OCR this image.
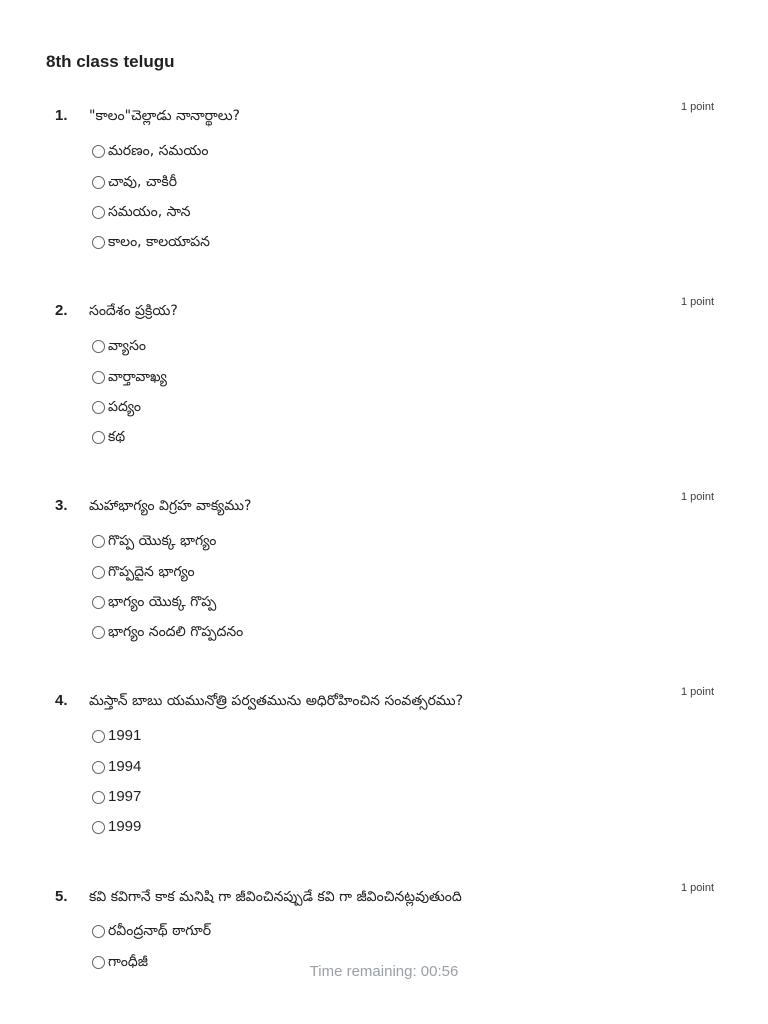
8th class telugu
1. "కాలం"చెల్లాడు నానార్థాలు?
1 point
మరణం, సమయం
చావు, చాకిరీ
సమయం, సాన
కాలం, కాలయాపన
2. సందేశం ప్రక్రియ?
1 point
వ్యాసం
వార్తావాఖ్య
పద్యం
కథ
3. మహాభాగ్యం విగ్రహ వాక్యము?
1 point
గొప్ప యొక్క భాగ్యం
గొప్పదైన భాగ్యం
భాగ్యం యొక్క గొప్ప
భాగ్యం నందలి గొప్పదనం
4. మస్తాన్ బాబు యమునోత్రి పర్వతమును అధిరోహించిన సంవత్సరము?
1 point
1991
1994
1997
1999
5. కవి కవిగానే కాక మనిషి గా జీవించినప్పుడే కవి గా జీవించినట్లవుతుంది
1 point
రవీంద్రనాథ్ ఠాగూర్
గాంధీజీ
Time remaining: 00:56
